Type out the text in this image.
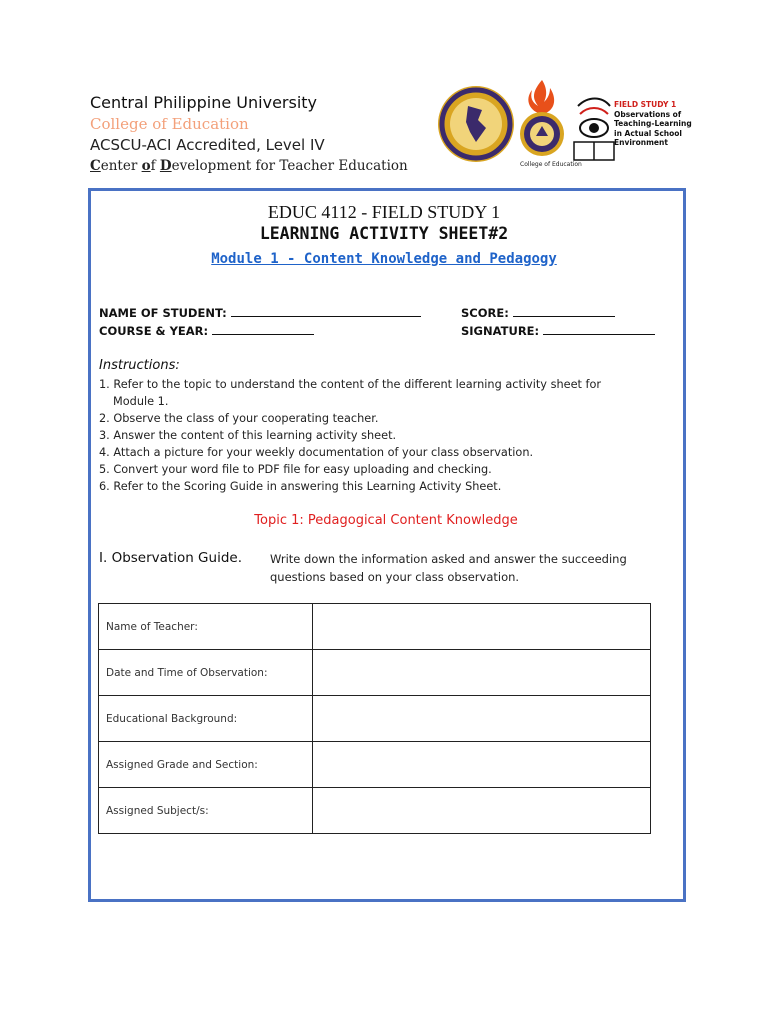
Central Philippine University
College of Education
ACSCU-ACI Accredited, Level IV
Center of Development for Teacher Education	College of Education
FIELD STUDY 1
Observations of
Teaching-Learning
in Actual School
Environment
EDUC 4112 - FIELD STUDY 1
LEARNING ACTIVITY SHEET#2
Module 1 - Content Knowledge and Pedagogy
NAME OF STUDENT:	SCORE:
COURSE & YEAR:	SIGNATURE:
Instructions:
1. Refer to the topic to understand the content of the different learning activity sheet for
Module 1.
2. Observe the class of your cooperating teacher.
3. Answer the content of this learning activity sheet.
4. Attach a picture for your weekly documentation of your class observation.
5. Convert your word file to PDF file for easy uploading and checking.
6. Refer to the Scoring Guide in answering this Learning Activity Sheet.
Topic 1: Pedagogical Content Knowledge
I. Observation Guide. Write down the information asked and answer the succeeding
questions based on your class observation.
Name of Teacher:	
Date and Time of Observation:	
Educational Background:	
Assigned Grade and Section:	
Assigned Subject/s:	
